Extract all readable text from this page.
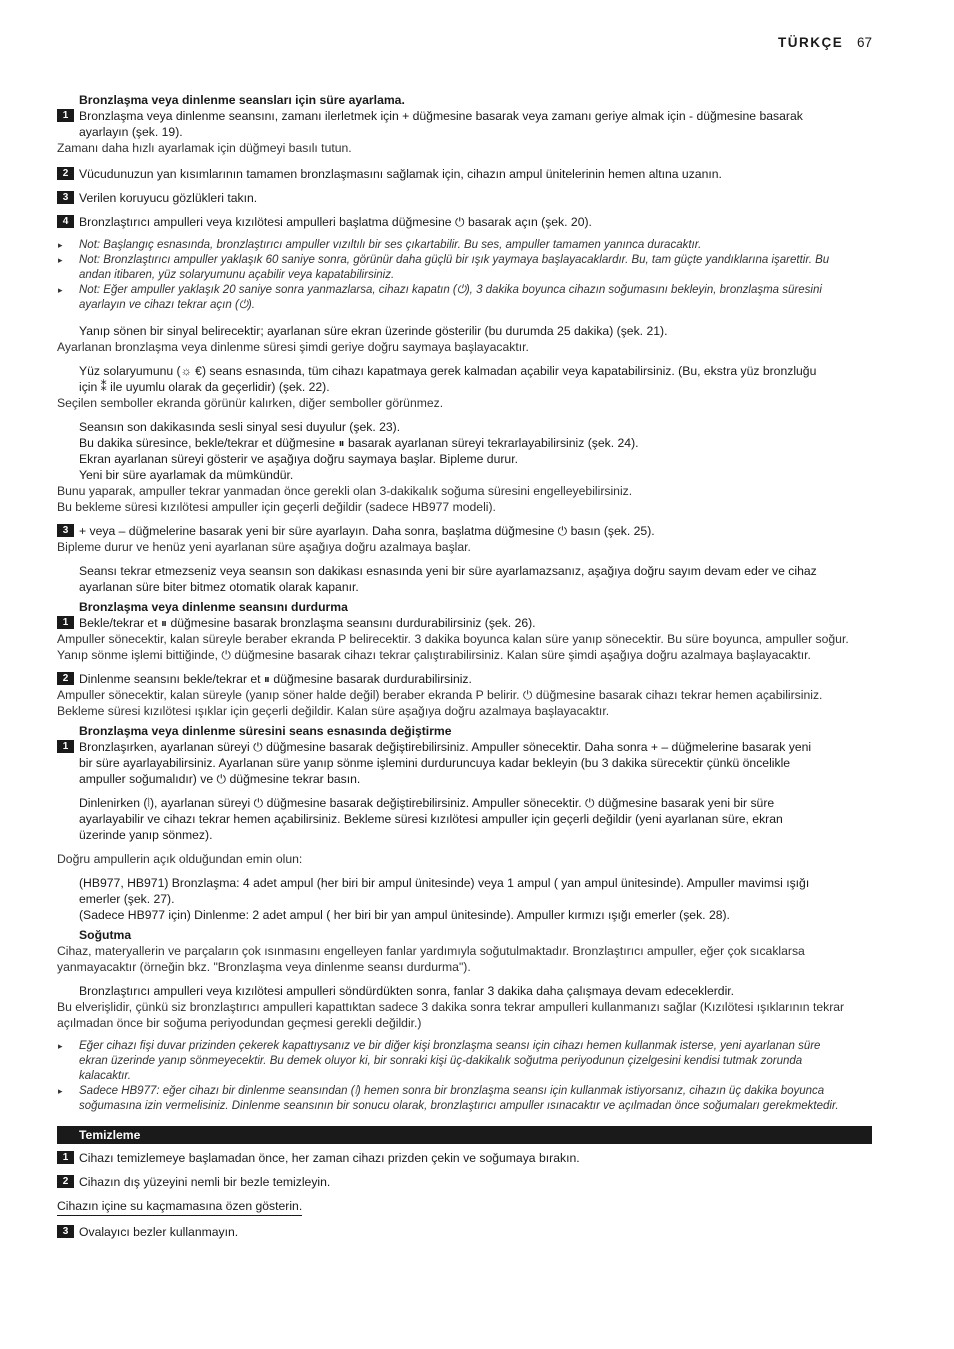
TÜRKÇE 67
Bronzlaşma veya dinlenme seansları için süre ayarlama.
1 Bronzlaşma veya dinlenme seansını, zamanı ilerletmek için + düğmesine basarak veya zamanı geriye almak için - düğmesine basarak
ayarlayın (şek. 19).
Zamanı daha hızlı ayarlamak için düğmeyi basılı tutun.
2 Vücudunuzun yan kısımlarının tamamen bronzlaşmasını sağlamak için, cihazın ampul ünitelerinin hemen altına uzanın.
3 Verilen koruyucu gözlükleri takın.
4 Bronzlaştırıcı ampulleri veya kızılötesi ampulleri başlatma düğmesine ⏻ basarak açın (şek. 20).
▸ Not: Başlangıç esnasında, bronzlaştırıcı ampuller vızıltılı bir ses çıkartabilir. Bu ses, ampuller tamamen yanınca duracaktır.
▸ Not: Bronzlaştırıcı ampuller yaklaşık 60 saniye sonra, görünür daha güçlü bir ışık yaymaya başlayacaklardır. Bu, tam güçte yandıklarına işarettir. Bu
andan itibaren, yüz solaryumunu açabilir veya kapatabilirsiniz.
▸ Not: Eğer ampuller yaklaşık 20 saniye sonra yanmazlarsa, cihazı kapatın (⏻), 3 dakika boyunca cihazın soğumasını bekleyin, bronzlaşma süresini
ayarlayın ve cihazı tekrar açın (⏻).
Yanıp sönen bir sinyal belirecektir; ayarlanan süre ekran üzerinde gösterilir (bu durumda 25 dakika) (şek. 21).
Ayarlanan bronzlaşma veya dinlenme süresi şimdi geriye doğru saymaya başlayacaktır.
Yüz solaryumunu (☼ €) seans esnasında, tüm cihazı kapatmaya gerek kalmadan açabilir veya kapatabilirsiniz. (Bu, ekstra yüz bronzluğu
için ⁑ ile uyumlu olarak da geçerlidir) (şek. 22).
Seçilen semboller ekranda görünür kalırken, diğer semboller görünmez.
Seansın son dakikasında sesli sinyal sesi duyulur (şek. 23).
Bu dakika süresince, bekle/tekrar et düğmesine ⏸ basarak ayarlanan süreyi tekrarlayabilirsiniz (şek. 24).
Ekran ayarlanan süreyi gösterir ve aşağıya doğru saymaya başlar. Bipleme durur.
Yeni bir süre ayarlamak da mümkündür.
Bunu yaparak, ampuller tekrar yanmadan önce gerekli olan 3-dakikalık soğuma süresini engelleyebilirsiniz.
Bu bekleme süresi kızılötesi ampuller için geçerli değildir (sadece HB977 modeli).
3 + veya – düğmelerine basarak yeni bir süre ayarlayın. Daha sonra, başlatma düğmesine ⏻ basın (şek. 25).
Bipleme durur ve henüz yeni ayarlanan süre aşağıya doğru azalmaya başlar.
Seansı tekrar etmezseniz veya seansın son dakikası esnasında yeni bir süre ayarlamazsanız, aşağıya doğru sayım devam eder ve cihaz
ayarlanan süre biter bitmez otomatik olarak kapanır.
Bronzlaşma veya dinlenme seansını durdurma
1 Bekle/tekrar et ⏸ düğmesine basarak bronzlaşma seansını durdurabilirsiniz (şek. 26).
Ampuller sönecektir, kalan süreyle beraber ekranda P belirecektir. 3 dakika boyunca kalan süre yanıp sönecektir. Bu süre boyunca, ampuller soğur.
Yanıp sönme işlemi bittiğinde, ⏻ düğmesine basarak cihazı tekrar çalıştırabilirsiniz. Kalan süre şimdi aşağıya doğru azalmaya başlayacaktır.
2 Dinlenme seansını bekle/tekrar et ⏸ düğmesine basarak durdurabilirsiniz.
Ampuller sönecektir, kalan süreyle (yanıp söner halde değil) beraber ekranda P belirir. ⏻ düğmesine basarak cihazı tekrar hemen açabilirsiniz.
Bekleme süresi kızılötesi ışıklar için geçerli değildir. Kalan süre aşağıya doğru azalmaya başlayacaktır.
Bronzlaşma veya dinlenme süresini seans esnasında değiştirme
1 Bronzlaşırken, ayarlanan süreyi ⏻ düğmesine basarak değiştirebilirsiniz. Ampuller sönecektir. Daha sonra + – düğmelerine basarak yeni
bir süre ayarlayabilirsiniz. Ayarlanan süre yanıp sönme işlemini durduruncuya kadar bekleyin (bu 3 dakika sürecektir çünkü öncelikle
ampuller soğumalıdır) ve ⏻ düğmesine tekrar basın.
Dinlenirken (⦚), ayarlanan süreyi ⏻ düğmesine basarak değiştirebilirsiniz. Ampuller sönecektir. ⏻ düğmesine basarak yeni bir süre
ayarlayabilir ve cihazı tekrar hemen açabilirsiniz. Bekleme süresi kızılötesi ampuller için geçerli değildir (yeni ayarlanan süre, ekran
üzerinde yanıp sönmez).
Doğru ampullerin açık olduğundan emin olun:
(HB977, HB971) Bronzlaşma: 4 adet ampul (her biri bir ampul ünitesinde) veya 1 ampul ( yan ampul ünitesinde). Ampuller mavimsi ışığı
emerler (şek. 27).
(Sadece HB977 için) Dinlenme: 2 adet ampul ( her biri bir yan ampul ünitesinde). Ampuller kırmızı ışığı emerler (şek. 28).
Soğutma
Cihaz, materyallerin ve parçaların çok ısınmasını engelleyen fanlar yardımıyla soğutulmaktadır. Bronzlaştırıcı ampuller, eğer çok sıcaklarsa
yanmayacaktır (örneğin bkz. "Bronzlaşma veya dinlenme seansı durdurma").
Bronzlaştırıcı ampulleri veya kızılötesi ampulleri söndürdükten sonra, fanlar 3 dakika daha çalışmaya devam edeceklerdir.
Bu elverişlidir, çünkü siz bronzlaştırıcı ampulleri kapattıktan sadece 3 dakika sonra tekrar ampulleri kullanmanızı sağlar (Kızılötesi ışıklarının tekrar
açılmadan önce bir soğuma periyodundan geçmesi gerekli değildir.)
▸ Eğer cihazı fişi duvar prizinden çekerek kapattıysanız ve bir diğer kişi bronzlaşma seansı için cihazı hemen kullanmak isterse, yeni ayarlanan süre
ekran üzerinde yanıp sönmeyecektir. Bu demek oluyor ki, bir sonraki kişi üç-dakikalık soğutma periyodunun çizelgesini kendisi tutmak zorunda
kalacaktır.
▸ Sadece HB977: eğer cihazı bir dinlenme seansından (⦚) hemen sonra bir bronzlaşma seansı için kullanmak istiyorsanız, cihazın üç dakika boyunca
soğumasına izin vermelisiniz. Dinlenme seansının bir sonucu olarak, bronzlaştırıcı ampuller ısınacaktır ve açılmadan önce soğumaları gerekmektedir.
Temizleme
1 Cihazı temizlemeye başlamadan önce, her zaman cihazı prizden çekin ve soğumaya bırakın.
2 Cihazın dış yüzeyini nemli bir bezle temizleyin.
Cihazın içine su kaçmamasına özen gösterin.
3 Ovalayıcı bezler kullanmayın.
